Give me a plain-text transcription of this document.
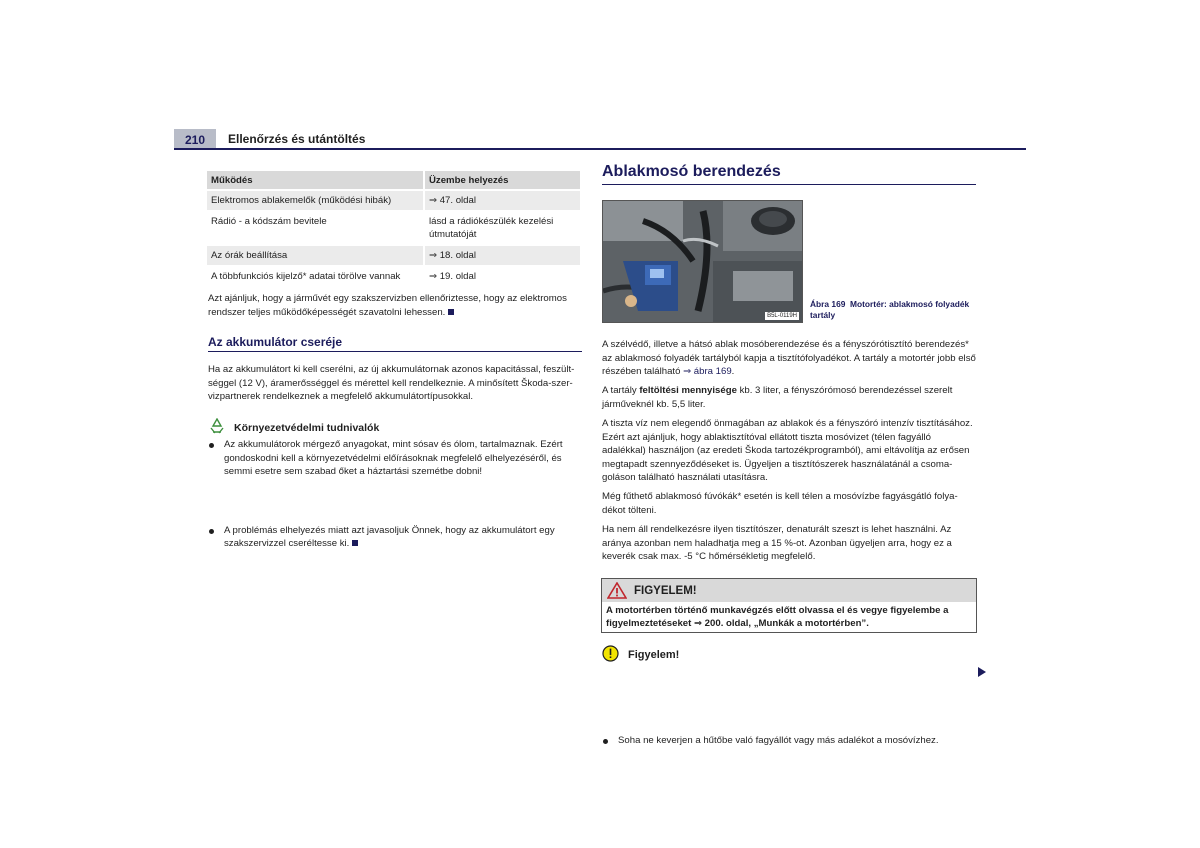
210	Ellenőrzés és utántöltés
Működés	Üzembe helyezés
Elektromos ablakemelők (működési hibák)	⇒ 47. oldal
Rádió - a kódszám bevitele	lásd a rádiókészülék kezelési útmutatóját
Az órák beállítása	⇒ 18. oldal
A többfunkciós kijelző* adatai törölve vannak	⇒ 19. oldal
Azt ajánljuk, hogy a járművét egy szakszervizben ellenőriztesse, hogy az elektromos rendszer teljes működőképességét szavatolni lehessen.
Az akkumulátor cseréje
Ha az akkumulátort ki kell cserélni, az új akkumulátornak azonos kapacitással, feszült-séggel (12 V), áramerősséggel és mérettel kell rendelkeznie. A minősített Škoda-szer-vizpartnerek rendelkeznek a megfelelő akkumulátortípusokkal.
Környezetvédelmi tudnivalók
Az akkumulátorok mérgező anyagokat, mint sósav és ólom, tartalmaznak. Ezért gondoskodni kell a környezetvédelmi előírásoknak megfelelő elhelyezéséről, és semmi esetre sem szabad őket a háztartási szemétbe dobni!
A problémás elhelyezés miatt azt javasoljuk Önnek, hogy az akkumulátort egy szakszervizzel cseréltesse ki.
Ablakmosó berendezés
B5L-0119H
Ábra 169 Motortér: ablakmosó folyadék tartály
A szélvédő, illetve a hátsó ablak mosóberendezése és a fényszórótisztító berendezés* az ablakmosó folyadék tartályból kapja a tisztítófolyadékot. A tartály a motortér jobb első részében található ⇒ ábra 169.
A tartály feltöltési mennyisége kb. 3 liter, a fényszórómosó berendezéssel szerelt járműveknél kb. 5,5 liter.
A tiszta víz nem elegendő önmagában az ablakok és a fényszóró intenzív tisztításához. Ezért azt ajánljuk, hogy ablaktisztítóval ellátott tiszta mosóvizet (télen fagyálló adalékkal) használjon (az eredeti Škoda tartozékprogramból), ami eltávolítja az erősen megtapadt szennyeződéseket is. Ügyeljen a tisztítószerek használatánál a csoma-goláson található használati utasításra.
Még fűthető ablakmosó fúvókák* esetén is kell télen a mosóvízbe fagyásgátló folya-dékot tölteni.
Ha nem áll rendelkezésre ilyen tisztítószer, denaturált szeszt is lehet használni. Az aránya azonban nem haladhatja meg a 15 %-ot. Azonban ügyeljen arra, hogy ez a keverék csak max. -5 °C hőmérsékletig megfelelő.
FIGYELEM!
A motortérben történő munkavégzés előtt olvassa el és vegye figyelembe a figyelmeztetéseket ⇒ 200. oldal, „Munkák a motortérben”.
Figyelem!
Soha ne keverjen a hűtőbe való fagyállót vagy más adalékot a mosóvízhez.
